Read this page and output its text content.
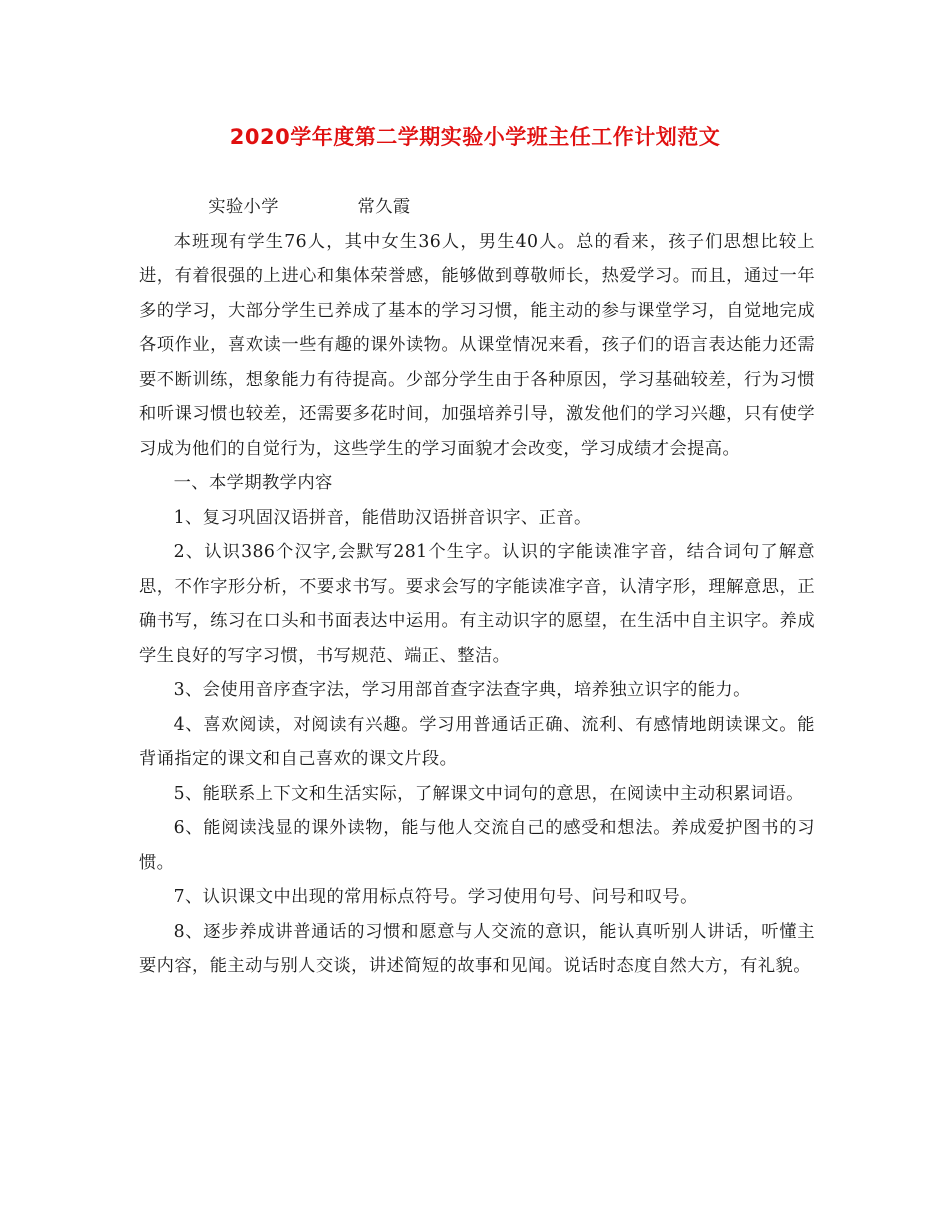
2020学年度第二学期实验小学班主任工作计划范文

实验小学	常久霞

本班现有学生76人，其中女生36人，男生40人。总的看来，孩子们思想比较上进，有着很强的上进心和集体荣誉感，能够做到尊敬师长，热爱学习。而且，通过一年多的学习，大部分学生已养成了基本的学习习惯，能主动的参与课堂学习，自觉地完成各项作业，喜欢读一些有趣的课外读物。从课堂情况来看，孩子们的语言表达能力还需要不断训练，想象能力有待提高。少部分学生由于各种原因，学习基础较差，行为习惯和听课习惯也较差，还需要多花时间，加强培养引导，激发他们的学习兴趣，只有使学习成为他们的自觉行为，这些学生的学习面貌才会改变，学习成绩才会提高。

一、本学期教学内容

1、复习巩固汉语拼音，能借助汉语拼音识字、正音。

2、认识386个汉字,会默写281个生字。认识的字能读准字音，结合词句了解意思，不作字形分析，不要求书写。要求会写的字能读准字音，认清字形，理解意思，正确书写，练习在口头和书面表达中运用。有主动识字的愿望，在生活中自主识字。养成学生良好的写字习惯，书写规范、端正、整洁。

3、会使用音序查字法，学习用部首查字法查字典，培养独立识字的能力。

4、喜欢阅读，对阅读有兴趣。学习用普通话正确、流利、有感情地朗读课文。能背诵指定的课文和自己喜欢的课文片段。

5、能联系上下文和生活实际，了解课文中词句的意思，在阅读中主动积累词语。

6、能阅读浅显的课外读物，能与他人交流自己的感受和想法。养成爱护图书的习惯。

7、认识课文中出现的常用标点符号。学习使用句号、问号和叹号。

8、逐步养成讲普通话的习惯和愿意与人交流的意识，能认真听别人讲话，听懂主要内容，能主动与别人交谈，讲述简短的故事和见闻。说话时态度自然大方，有礼貌。
